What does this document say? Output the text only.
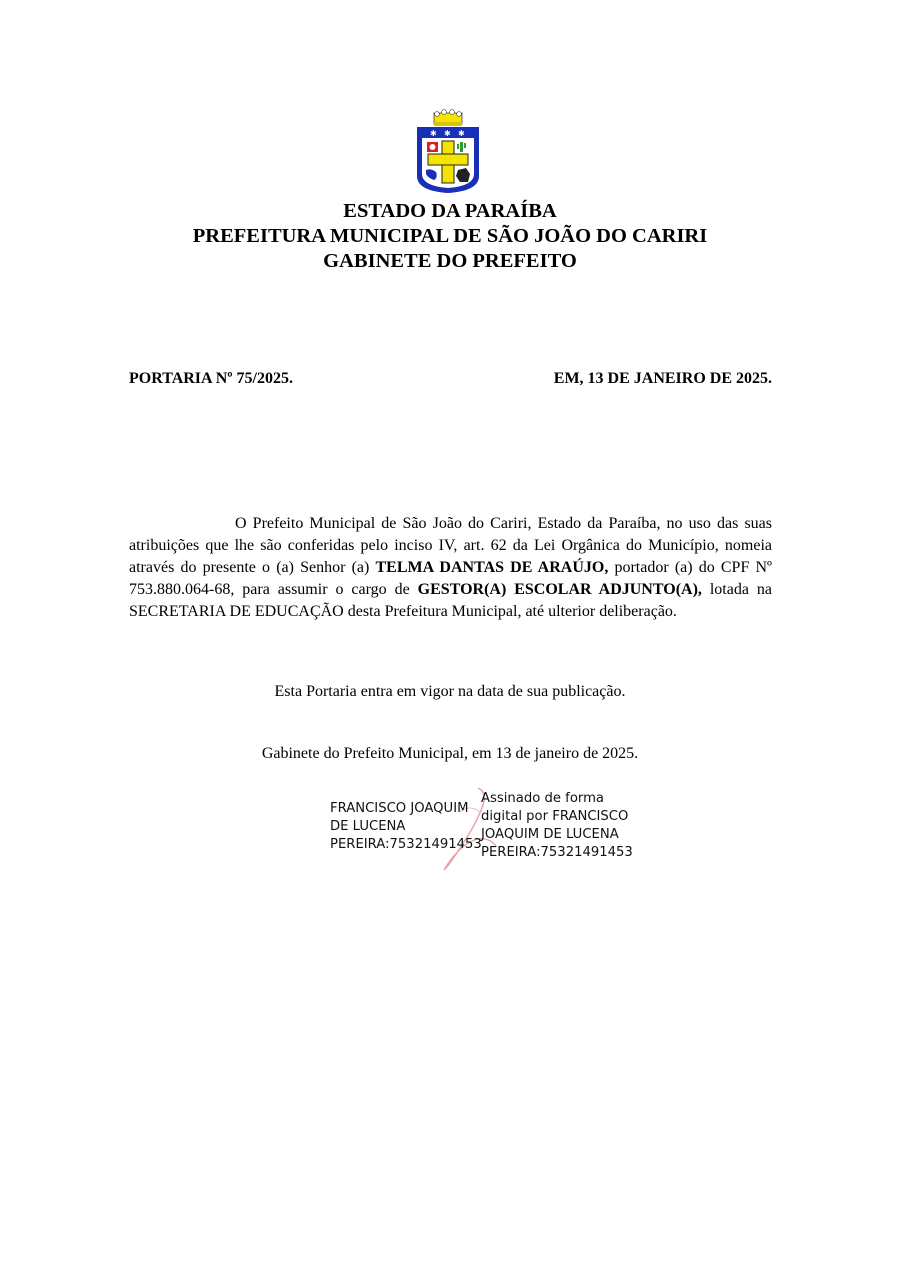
✱ ✱ ✱
ESTADO DA PARAÍBA
PREFEITURA MUNICIPAL DE SÃO JOÃO DO CARIRI
GABINETE DO PREFEITO
PORTARIA Nº 75/2025.	EM, 13 DE JANEIRO DE 2025.
O Prefeito Municipal de São João do Cariri, Estado da Paraíba, no uso das suas atribuições que lhe são conferidas pelo inciso IV, art. 62 da Lei Orgânica do Município, nomeia através do presente o (a) Senhor (a) TELMA DANTAS DE ARAÚJO, portador (a) do CPF Nº 753.880.064-68, para assumir o cargo de GESTOR(A) ESCOLAR ADJUNTO(A), lotada na SECRETARIA DE EDUCAÇÃO desta Prefeitura Municipal, até ulterior deliberação.
Esta Portaria entra em vigor na data de sua publicação.
Gabinete do Prefeito Municipal, em 13 de janeiro de 2025.
FRANCISCO JOAQUIM
DE LUCENA
PEREIRA:75321491453
Assinado de forma
digital por FRANCISCO
JOAQUIM DE LUCENA
PEREIRA:75321491453
